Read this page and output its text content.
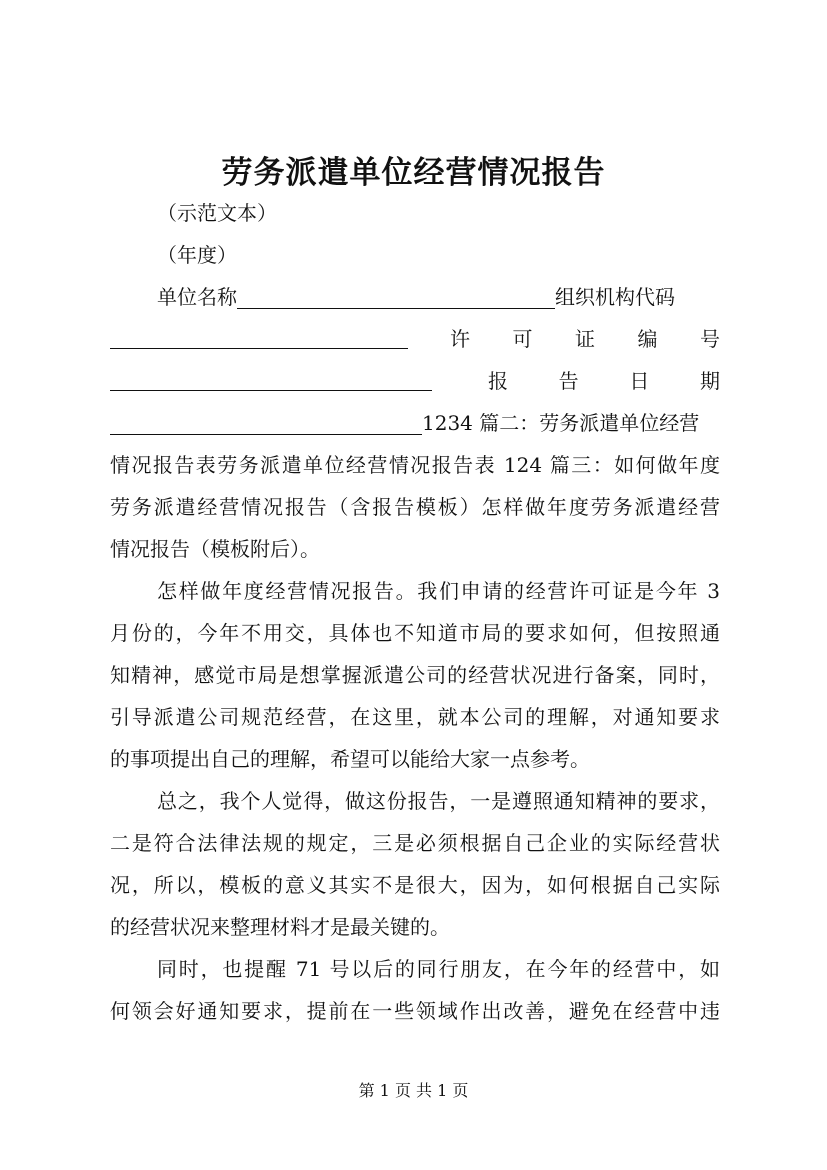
劳务派遣单位经营情况报告
（示范文本）
（年度）
单位名称	组织机构代码
许 可 证 编 号
报	告	日	期
1234 篇二：劳务派遣单位经营
情况报告表劳务派遣单位经营情况报告表 124 篇三：如何做年度
劳务派遣经营情况报告（含报告模板）怎样做年度劳务派遣经营
情况报告（模板附后）。
怎样做年度经营情况报告。我们申请的经营许可证是今年 3
月份的，今年不用交，具体也不知道市局的要求如何，但按照通
知精神，感觉市局是想掌握派遣公司的经营状况进行备案，同时，
引导派遣公司规范经营，在这里，就本公司的理解，对通知要求
的事项提出自己的理解，希望可以能给大家一点参考。
总之，我个人觉得，做这份报告，一是遵照通知精神的要求，
二是符合法律法规的规定，三是必须根据自己企业的实际经营状
况，所以，模板的意义其实不是很大，因为，如何根据自己实际
的经营状况来整理材料才是最关键的。
同时，也提醒 71 号以后的同行朋友，在今年的经营中，如
何领会好通知要求，提前在一些领域作出改善，避免在经营中违
第 1 页 共 1 页
